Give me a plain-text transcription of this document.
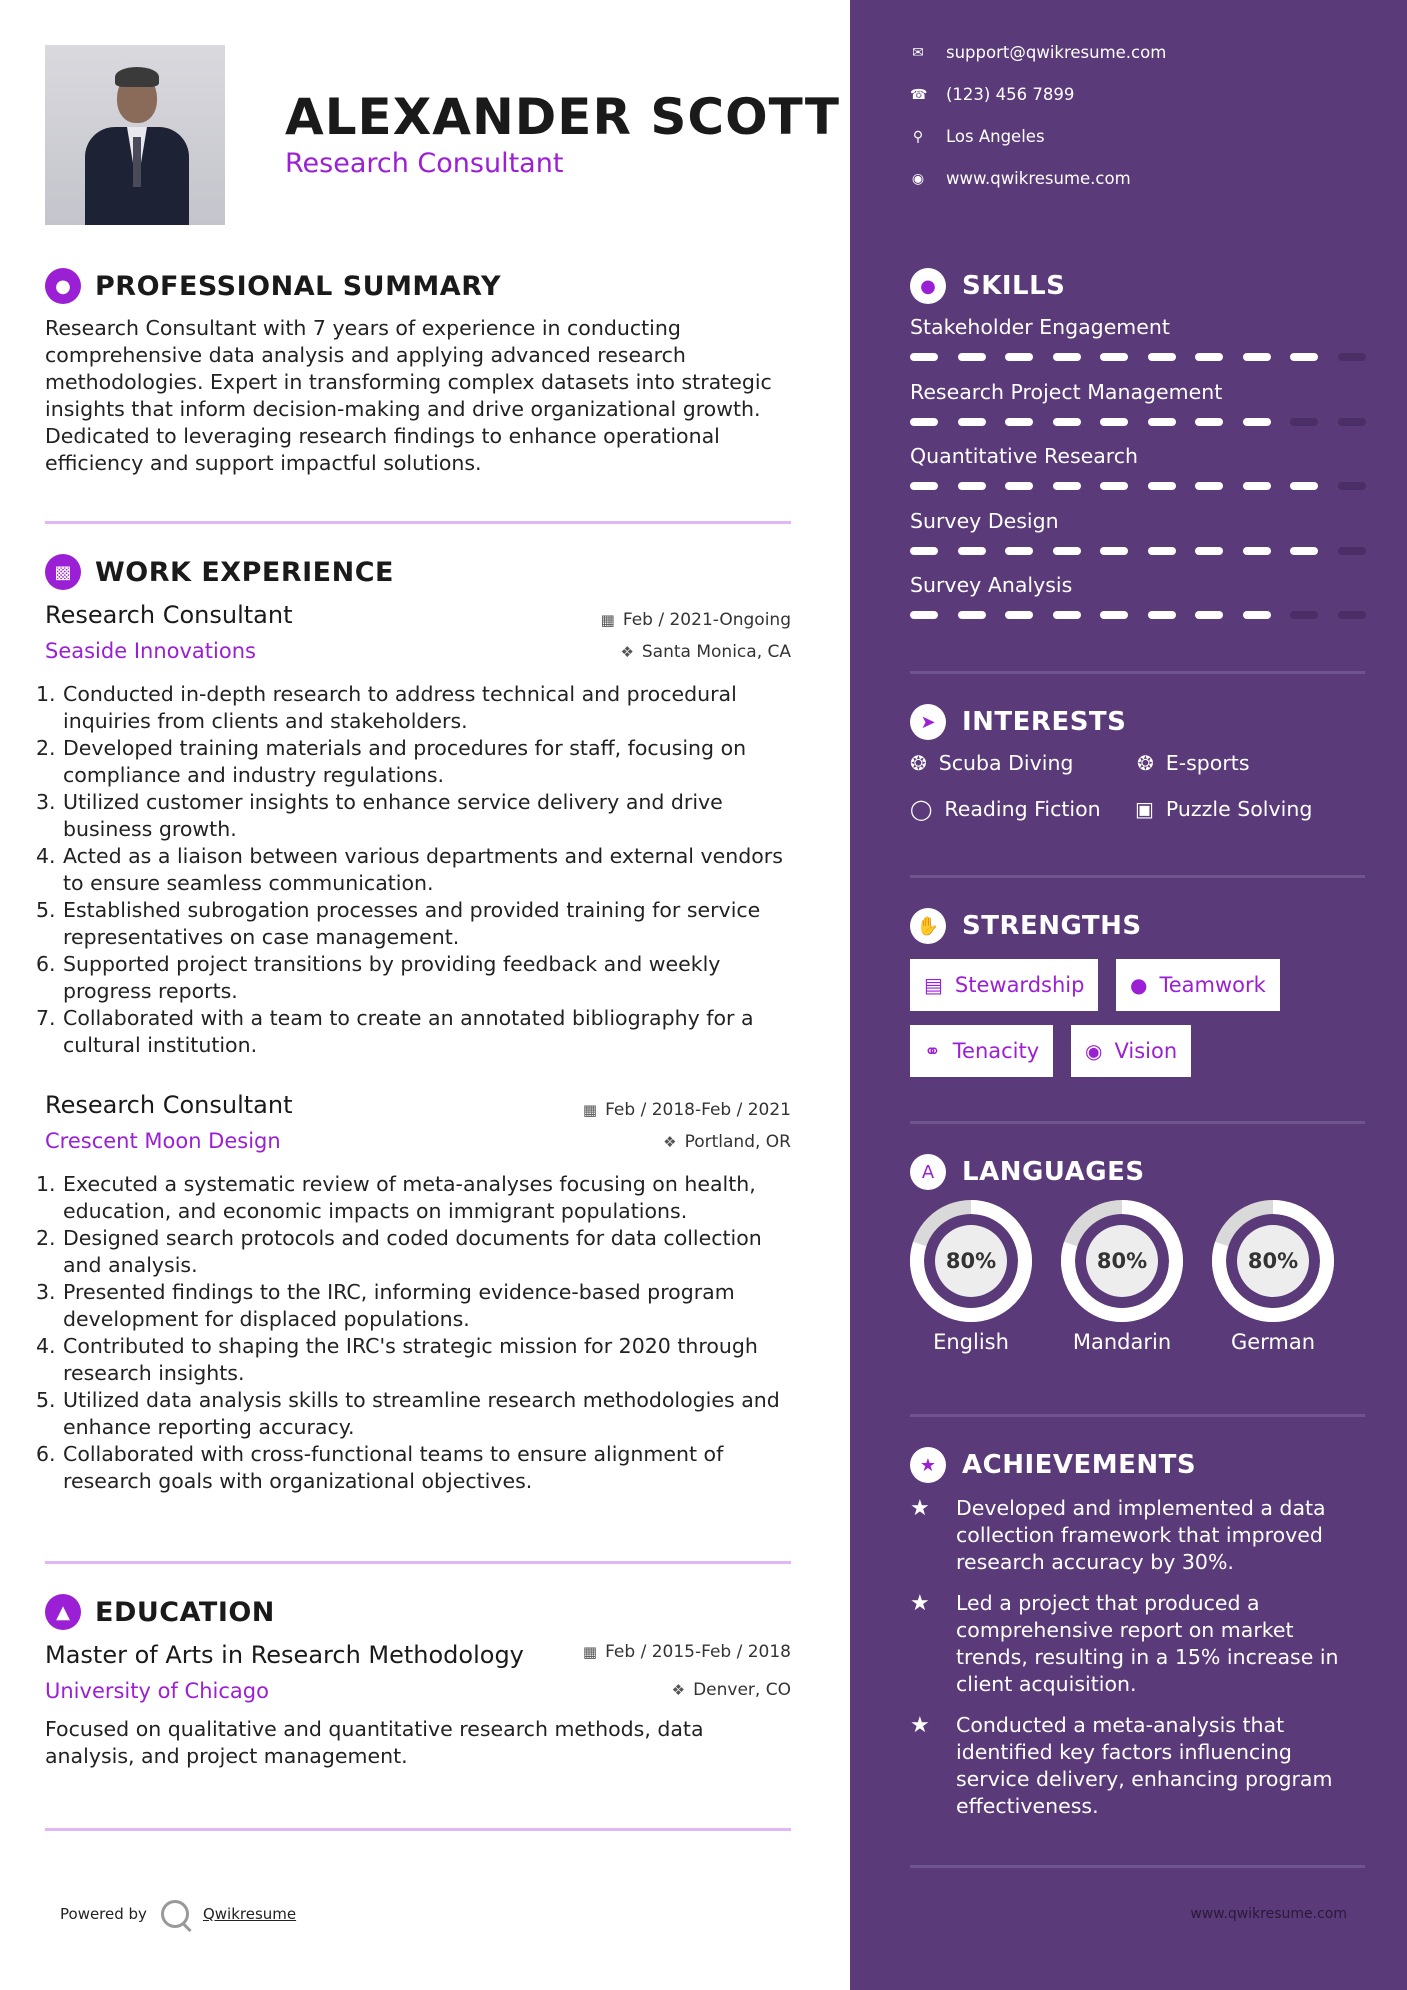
ALEXANDER SCOTT
Research Consultant
● PROFESSIONAL SUMMARY
Research Consultant with 7 years of experience in conducting comprehensive data analysis and applying advanced research methodologies. Expert in transforming complex datasets into strategic insights that inform decision-making and drive organizational growth. Dedicated to leveraging research findings to enhance operational efficiency and support impactful solutions.
▩ WORK EXPERIENCE
Research Consultant	▦ Feb / 2021-Ongoing
Seaside Innovations	❖ Santa Monica, CA
1. Conducted in-depth research to address technical and procedural inquiries from clients and stakeholders.
2. Developed training materials and procedures for staff, focusing on compliance and industry regulations.
3. Utilized customer insights to enhance service delivery and drive business growth.
4. Acted as a liaison between various departments and external vendors to ensure seamless communication.
5. Established subrogation processes and provided training for service representatives on case management.
6. Supported project transitions by providing feedback and weekly progress reports.
7. Collaborated with a team to create an annotated bibliography for a cultural institution.
Research Consultant	▦ Feb / 2018-Feb / 2021
Crescent Moon Design	❖ Portland, OR
1. Executed a systematic review of meta-analyses focusing on health, education, and economic impacts on immigrant populations.
2. Designed search protocols and coded documents for data collection and analysis.
3. Presented findings to the IRC, informing evidence-based program development for displaced populations.
4. Contributed to shaping the IRC's strategic mission for 2020 through research insights.
5. Utilized data analysis skills to streamline research methodologies and enhance reporting accuracy.
6. Collaborated with cross-functional teams to ensure alignment of research goals with organizational objectives.
▲ EDUCATION
Master of Arts in Research Methodology	▦ Feb / 2015-Feb / 2018
University of Chicago	❖ Denver, CO
Focused on qualitative and quantitative research methods, data analysis, and project management.
Powered by	Qwikresume
✉ support@qwikresume.com
☎ (123) 456 7899
⚲ Los Angeles
◉ www.qwikresume.com
●	SKILLS
➤	INTERESTS
❂ Scuba Diving	❂ E-sports
◯ Reading Fiction ▣ Puzzle Solving
✋ STRENGTHS
▤ Stewardship ● Teamwork
⚭ Tenacity ◉ Vision
A	LANGUAGES
★ ACHIEVEMENTS
★	Developed and implemented a data collection framework that improved research accuracy by 30%.
★	Led a project that produced a comprehensive report on market trends, resulting in a 15% increase in client acquisition.
★	Conducted a meta-analysis that identified key factors influencing service delivery, enhancing program effectiveness.
www.qwikresume.com
Stakeholder Engagement
Research Project Management
Quantitative Research
Survey Design
Survey Analysis
80%
English
80%
Mandarin
80%
German
